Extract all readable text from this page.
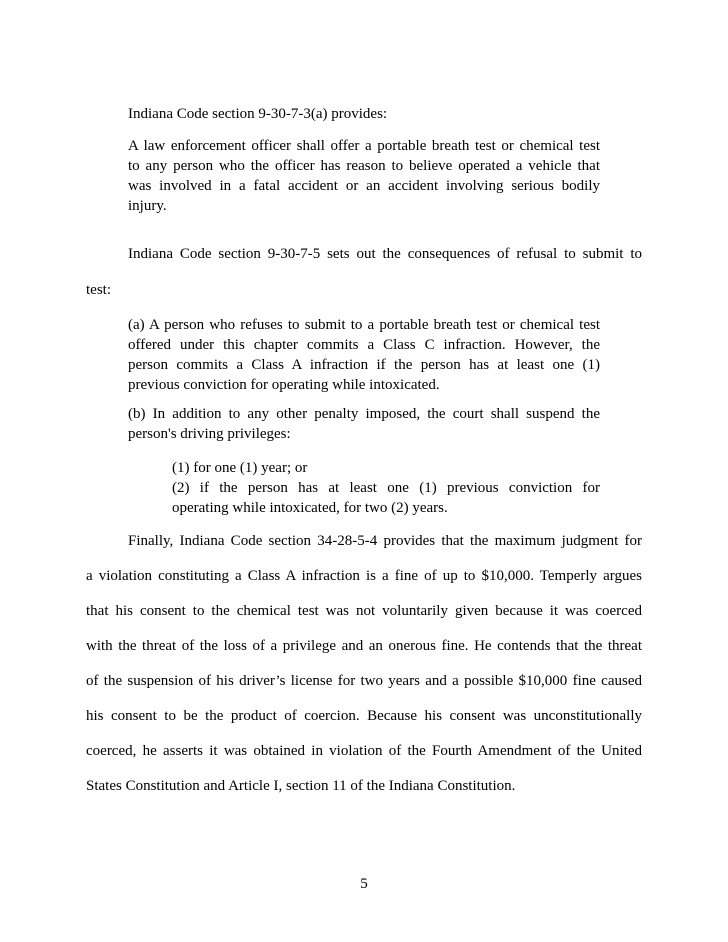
Indiana Code section 9-30-7-3(a) provides:

A law enforcement officer shall offer a portable breath test or chemical test
to any person who the officer has reason to believe operated a vehicle that
was involved in a fatal accident or an accident involving serious bodily
injury.

Indiana Code section 9-30-7-5 sets out the consequences of refusal to submit to

test:

(a) A person who refuses to submit to a portable breath test or chemical test
offered under this chapter commits a Class C infraction. However, the
person commits a Class A infraction if the person has at least one (1)
previous conviction for operating while intoxicated.
(b) In addition to any other penalty imposed, the court shall suspend the
person's driving privileges:
(1) for one (1) year; or
(2) if the person has at least one (1) previous conviction for
operating while intoxicated, for two (2) years.

Finally, Indiana Code section 34-28-5-4 provides that the maximum judgment for

a violation constituting a Class A infraction is a fine of up to $10,000. Temperly argues

that his consent to the chemical test was not voluntarily given because it was coerced

with the threat of the loss of a privilege and an onerous fine. He contends that the threat

of the suspension of his driver’s license for two years and a possible $10,000 fine caused

his consent to be the product of coercion. Because his consent was unconstitutionally

coerced, he asserts it was obtained in violation of the Fourth Amendment of the United

States Constitution and Article I, section 11 of the Indiana Constitution.

5
